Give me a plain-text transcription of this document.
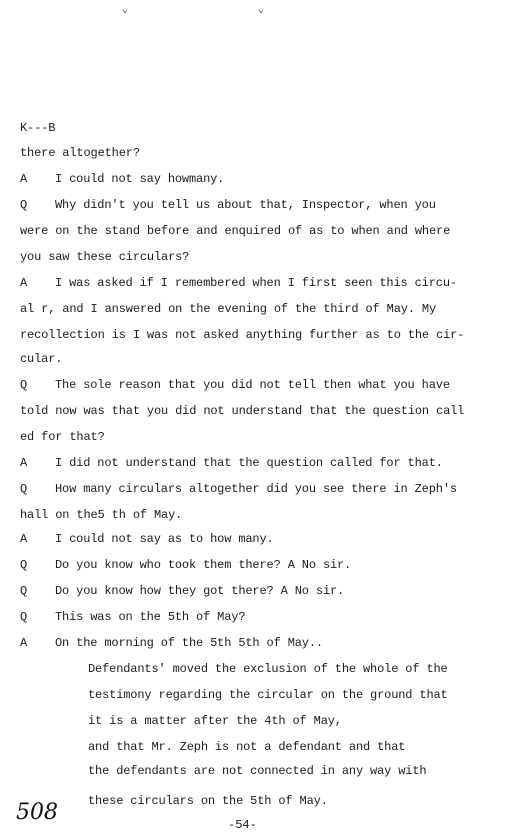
⌄	⌄
K---B
there altogether?
A I could not say howmany.
Q Why didn't you tell us about that, Inspector, when you
were on the stand before and enquired of as to when and where
you saw these circulars?
A I was asked if I remembered when I first seen this circu-
al r, and I answered on the evening of the third of May. My
recollection is I was not asked anything further as to the cir-
cular.
Q The sole reason that you did not tell then what you have
told now was that you did not understand that the question call
ed for that?
A I did not understand that the question called for that.
Q How many circulars altogether did you see there in Zeph's
hall on the5 th of May.
A I could not say as to how many.
Q Do you know who took them there? A No sir.
Q Do you know how they got there? A No sir.
Q This was on the 5th of May?
A On the morning of the 5th 5th of May..
Defendants' moved the exclusion of the whole of the
testimony regarding the circular on the ground that
it is a matter after the 4th of May,
and that Mr. Zeph is not a defendant and that
the defendants are not connected in any way with
these circulars on the 5th of May.
508	-54-
